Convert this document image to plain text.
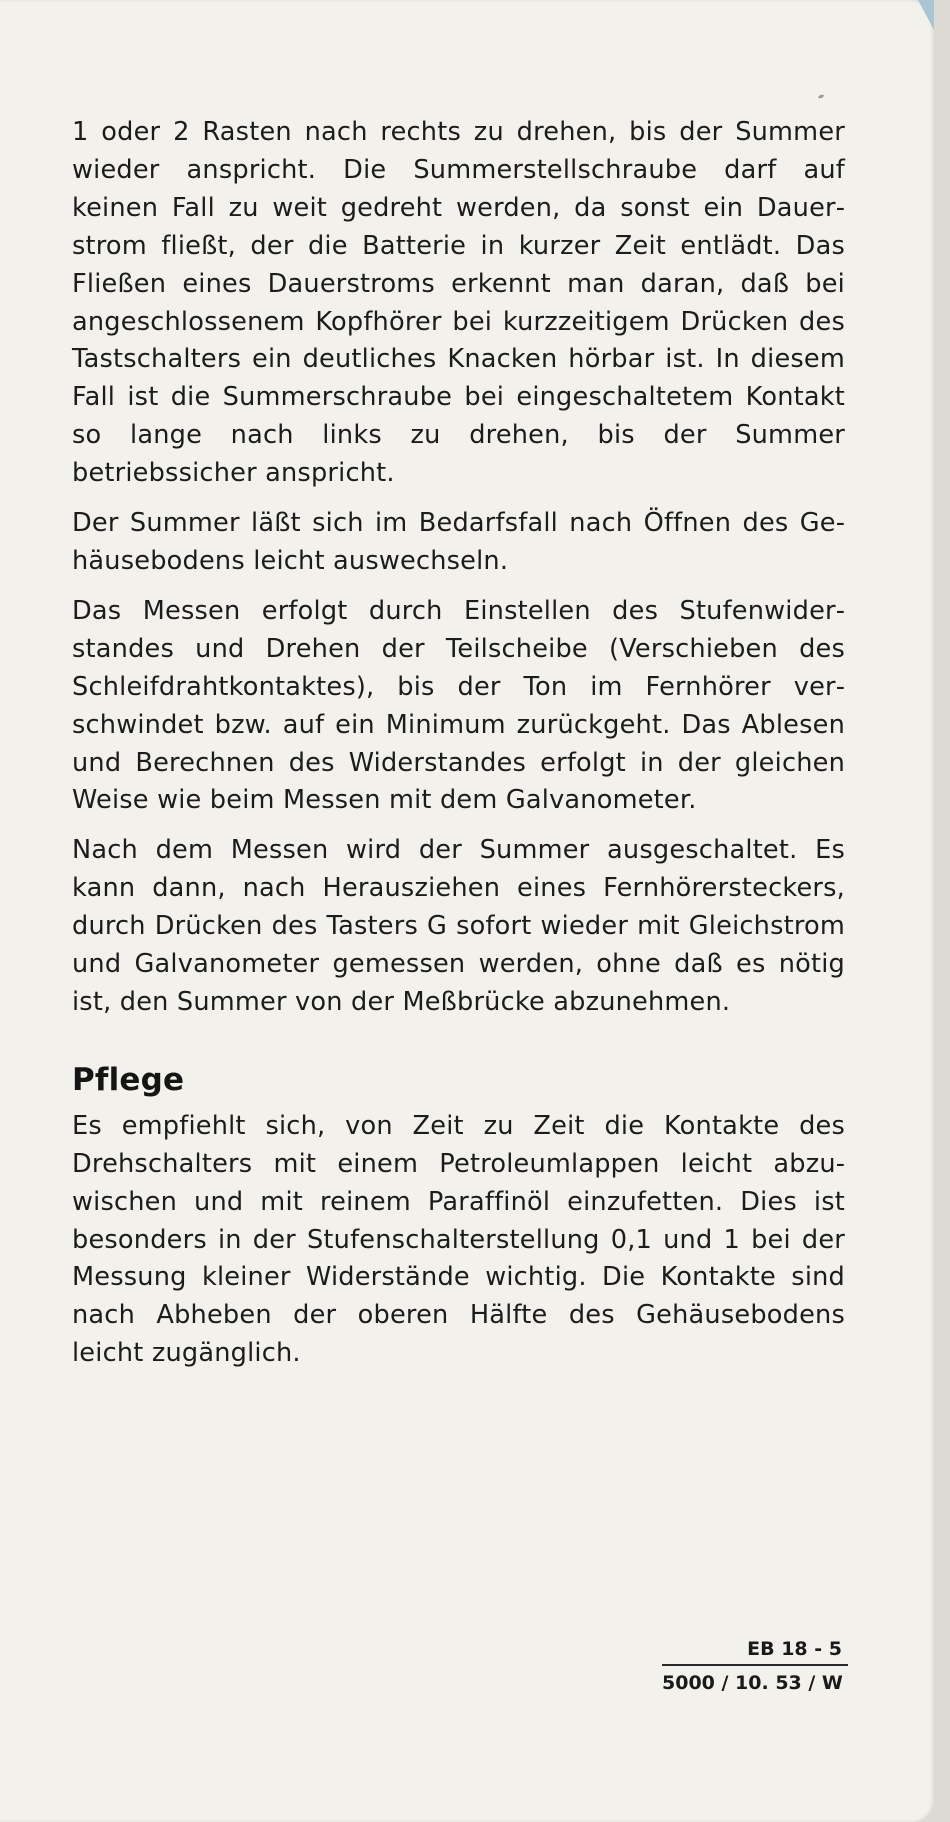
1 oder 2 Rasten nach rechts zu drehen, bis der Summer wieder anspricht. Die Summerstellschraube darf auf keinen Fall zu weit gedreht werden, da sonst ein Dauerstrom fließt, der die Batterie in kurzer Zeit entlädt. Das Fließen eines Dauerstroms erkennt man daran, daß bei angeschlossenem Kopfhörer bei kurzzeitigem Drücken des Tastschalters ein deutliches Knacken hörbar ist. In diesem Fall ist die Summerschraube bei eingeschaltetem Kontakt so lange nach links zu drehen, bis der Summer betriebssicher anspricht.

Der Summer läßt sich im Bedarfsfall nach Öffnen des Gehäusebodens leicht auswechseln.

Das Messen erfolgt durch Einstellen des Stufenwiderstandes und Drehen der Teilscheibe (Verschieben des Schleifdrahtkontaktes), bis der Ton im Fernhörer verschwindet bzw. auf ein Minimum zurückgeht. Das Ablesen und Berechnen des Widerstandes erfolgt in der gleichen Weise wie beim Messen mit dem Galvanometer.

Nach dem Messen wird der Summer ausgeschaltet. Es kann dann, nach Herausziehen eines Fernhörersteckers, durch Drücken des Tasters G sofort wieder mit Gleichstrom und Galvanometer gemessen werden, ohne daß es nötig ist, den Summer von der Meßbrücke abzunehmen.

Pflege

Es empfiehlt sich, von Zeit zu Zeit die Kontakte des Drehschalters mit einem Petroleumlappen leicht abzuwischen und mit reinem Paraffinöl einzufetten. Dies ist besonders in der Stufenschalterstellung 0,1 und 1 bei der Messung kleiner Widerstände wichtig. Die Kontakte sind nach Abheben der oberen Hälfte des Gehäusebodens leicht zugänglich.

EB 18 - 5
5000 / 10. 53 / W
